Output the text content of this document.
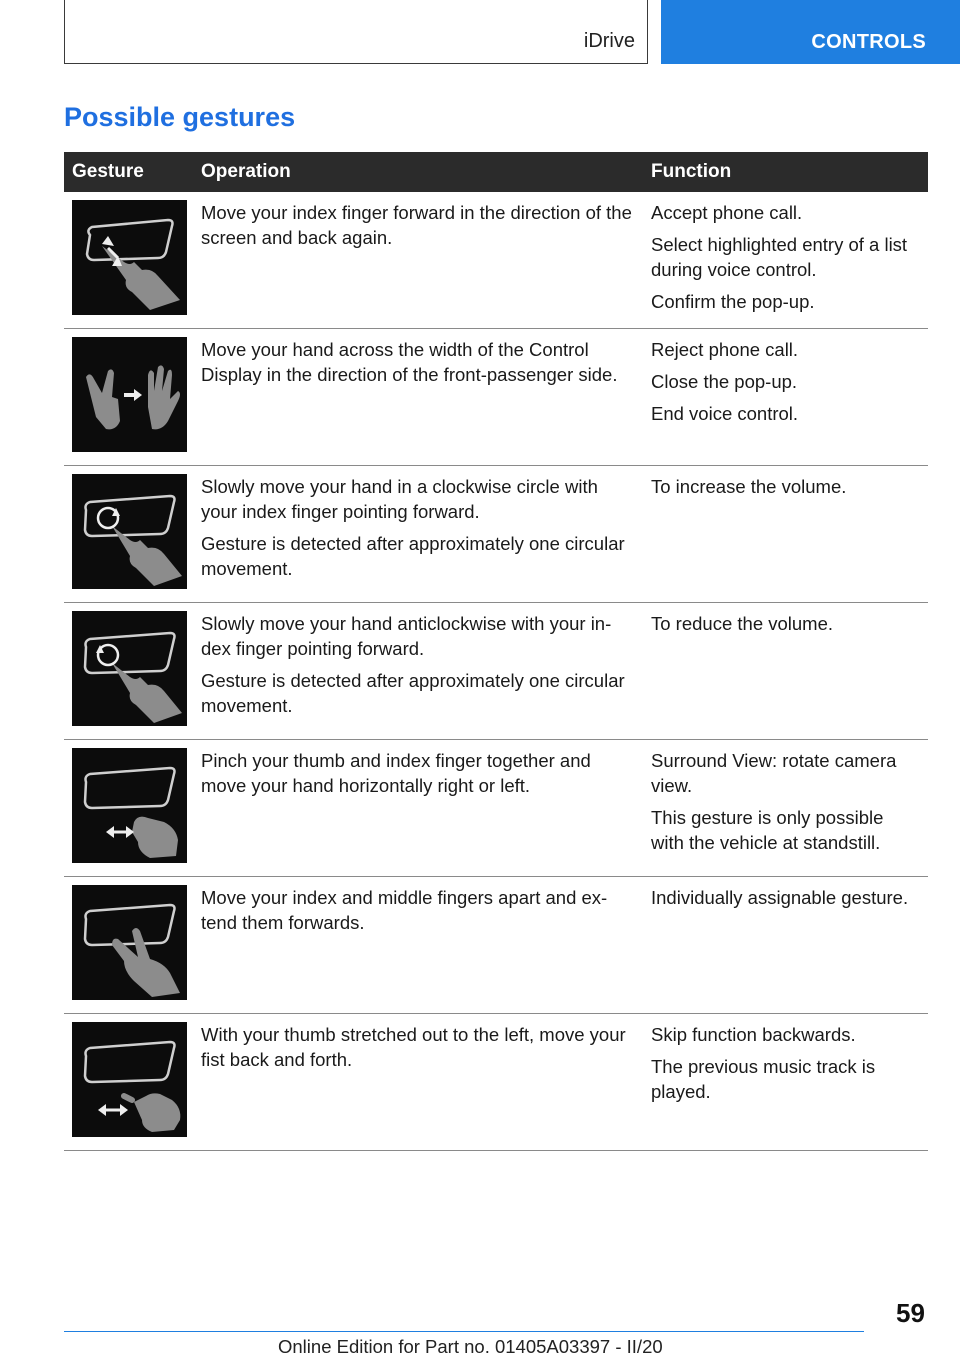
iDrive	CONTROLS
Possible gestures
Gesture	Operation	Function

Move your index finger forward in the direction of the screen and back again.	Accept phone call.

Select highlighted entry of a list during voice control.

Confirm the pop-up.

Move your hand across the width of the Control Display in the direction of the front-passenger side.	Reject phone call.

Close the pop-up.

End voice control.

Slowly move your hand in a clockwise circle with your index finger pointing forward.

Gesture is detected after approximately one circular movement.	To increase the volume.

Slowly move your hand anticlockwise with your in‐dex finger pointing forward.

Gesture is detected after approximately one circular movement.	To reduce the volume.

Pinch your thumb and index finger together and move your hand horizontally right or left.	Surround View: rotate camera view.

This gesture is only possible with the vehicle at standstill.

Move your index and middle fingers apart and ex‐tend them forwards.	Individually assignable gesture.

With your thumb stretched out to the left, move your fist back and forth.	Skip function backwards.

The previous music track is played.

59
Online Edition for Part no. 01405A03397 - II/20
